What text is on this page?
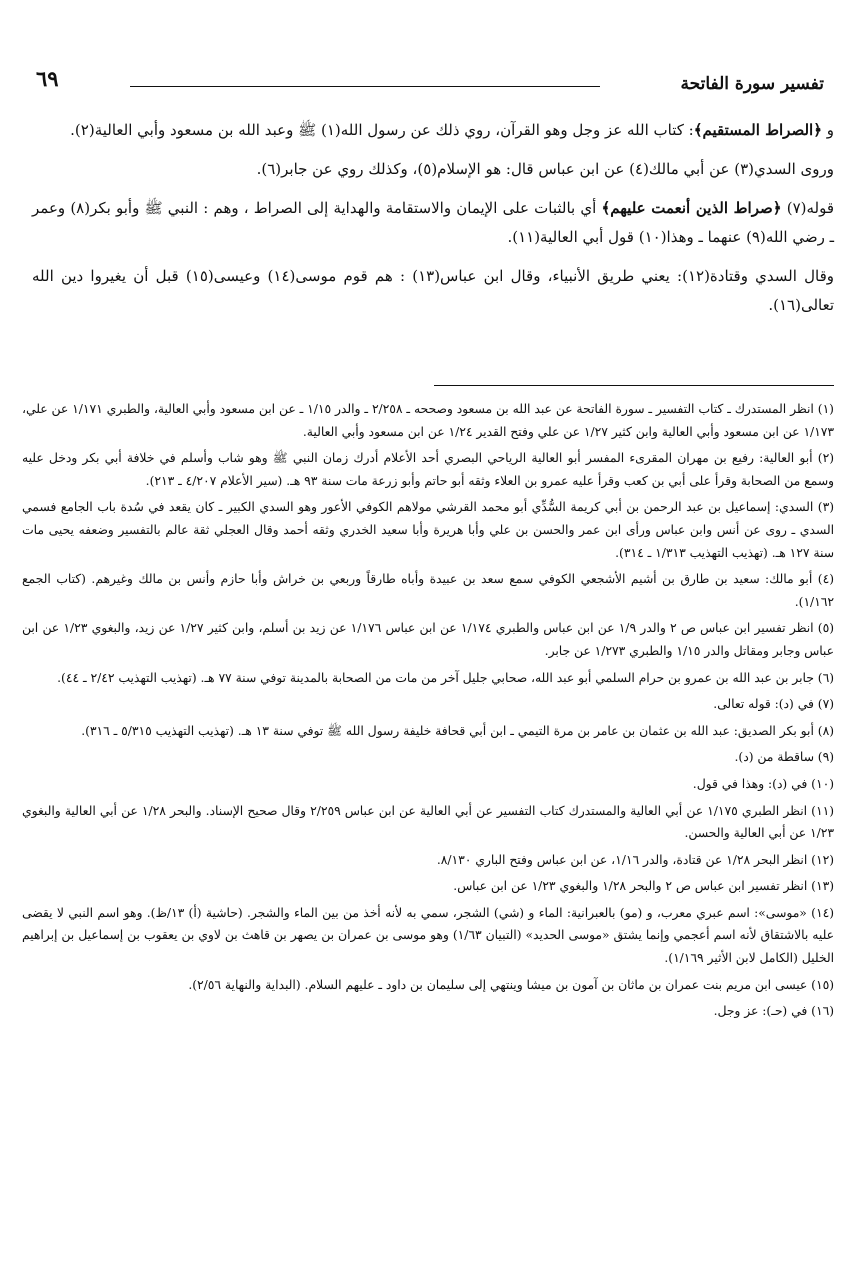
تفسير سورة الفاتحة
٦٩

و ﴿الصراط المستقيم﴾: كتاب الله عز وجل وهو القرآن، روي ذلك عن رسول الله(١) ﷺ وعبد الله بن مسعود وأبي العالية(٢).

وروى السدي(٣) عن أبي مالك(٤) عن ابن عباس قال: هو الإسلام(٥)، وكذلك روي عن جابر(٦).

قوله(٧) ﴿صراط الذين أنعمت عليهم﴾ أي بالثبات على الإيمان والاستقامة والهداية إلى الصراط ، وهم : النبي ﷺ وأبو بكر(٨) وعمر ـ رضي الله(٩) عنهما ـ وهذا(١٠) قول أبي العالية(١١).

وقال السدي وقتادة(١٢): يعني طريق الأنبياء، وقال ابن عباس(١٣) : هم قوم موسى(١٤) وعيسى(١٥) قبل أن يغيروا دين الله تعالى(١٦).

(١) انظر المستدرك ـ كتاب التفسير ـ سورة الفاتحة عن عبد الله بن مسعود وصححه ـ ٢/٢٥٨ ـ والدر ١/١٥ ـ عن ابن مسعود وأبي العالية، والطبري ١/١٧١ عن علي، ١/١٧٣ عن ابن مسعود وأبي العالية وابن كثير ١/٢٧ عن علي وفتح القدير ١/٢٤ عن ابن مسعود وأبي العالية.

(٢) أبو العالية: رفيع بن مهران المقرىء المفسر أبو العالية الرياحي البصري أحد الأعلام أدرك زمان النبي ﷺ وهو شاب وأسلم في خلافة أبي بكر ودخل عليه وسمع من الصحابة وقرأ على أبي بن كعب وقرأ عليه عمرو بن العلاء وثقه أبو حاتم وأبو زرعة مات سنة ٩٣ هـ. (سير الأعلام ٤/٢٠٧ ـ ٢١٣).

(٣) السدي: إسماعيل بن عبد الرحمن بن أبي كريمة السُّدِّي أبو محمد القرشي مولاهم الكوفي الأعور وهو السدي الكبير ـ كان يقعد في سُدة باب الجامع فسمي السدي ـ روى عن أنس وابن عباس ورأى ابن عمر والحسن بن علي وأبا هريرة وأبا سعيد الخدري وثقه أحمد وقال العجلي ثقة عالم بالتفسير وضعفه يحيى مات سنة ١٢٧ هـ. (تهذيب التهذيب ١/٣١٣ ـ ٣١٤).

(٤) أبو مالك: سعيد بن طارق بن أشيم الأشجعي الكوفي سمع سعد بن عبيدة وأباه طارقاً وربعي بن خراش وأبا حازم وأنس بن مالك وغيرهم. (كتاب الجمع ١/١٦٢).

(٥) انظر تفسير ابن عباس ص ٢ والدر ١/٩ عن ابن عباس والطبري ١/١٧٤ عن ابن عباس ١/١٧٦ عن زيد بن أسلم، وابن كثير ١/٢٧ عن زيد، والبغوي ١/٢٣ عن ابن عباس وجابر ومقاتل والدر ١/١٥ والطبري ١/٢٧٣ عن جابر.

(٦) جابر بن عبد الله بن عمرو بن حرام السلمي أبو عبد الله، صحابي جليل آخر من مات من الصحابة بالمدينة توفي سنة ٧٧ هـ. (تهذيب التهذيب ٢/٤٢ ـ ٤٤).

(٧) في (د): قوله تعالى.

(٨) أبو بكر الصديق: عبد الله بن عثمان بن عامر بن مرة التيمي ـ ابن أبي قحافة خليفة رسول الله ﷺ توفي سنة ١٣ هـ. (تهذيب التهذيب ٥/٣١٥ ـ ٣١٦).

(٩) ساقطة من (د).

(١٠) في (د): وهذا في قول.

(١١) انظر الطبري ١/١٧٥ عن أبي العالية والمستدرك كتاب التفسير عن أبي العالية عن ابن عباس ٢/٢٥٩ وقال صحيح الإسناد. والبحر ١/٢٨ عن أبي العالية والبغوي ١/٢٣ عن أبي العالية والحسن.

(١٢) انظر البحر ١/٢٨ عن قتادة، والدر ١/١٦، عن ابن عباس وفتح الباري ٨/١٣٠.

(١٣) انظر تفسير ابن عباس ص ٢ والبحر ١/٢٨ والبغوي ١/٢٣ عن ابن عباس.

(١٤) «موسى»: اسم عبري معرب، و (مو) بالعبرانية: الماء و (شي) الشجر، سمي به لأنه أخذ من بين الماء والشجر. (حاشية (أ) ١٣/ظ). وهو اسم النبي لا يقضى عليه بالاشتقاق لأنه اسم أعجمي وإنما يشتق «موسى الحديد» (التبيان ١/٦٣) وهو موسى بن عمران بن يصهر بن قاهث بن لاوي بن يعقوب بن إسماعيل بن إبراهيم الخليل (الكامل لابن الأثير ١/١٦٩).

(١٥) عيسى ابن مريم بنت عمران بن ماثان بن آمون بن ميشا وينتهي إلى سليمان بن داود ـ عليهم السلام. (البداية والنهاية ٢/٥٦).

(١٦) في (حـ): عز وجل.
